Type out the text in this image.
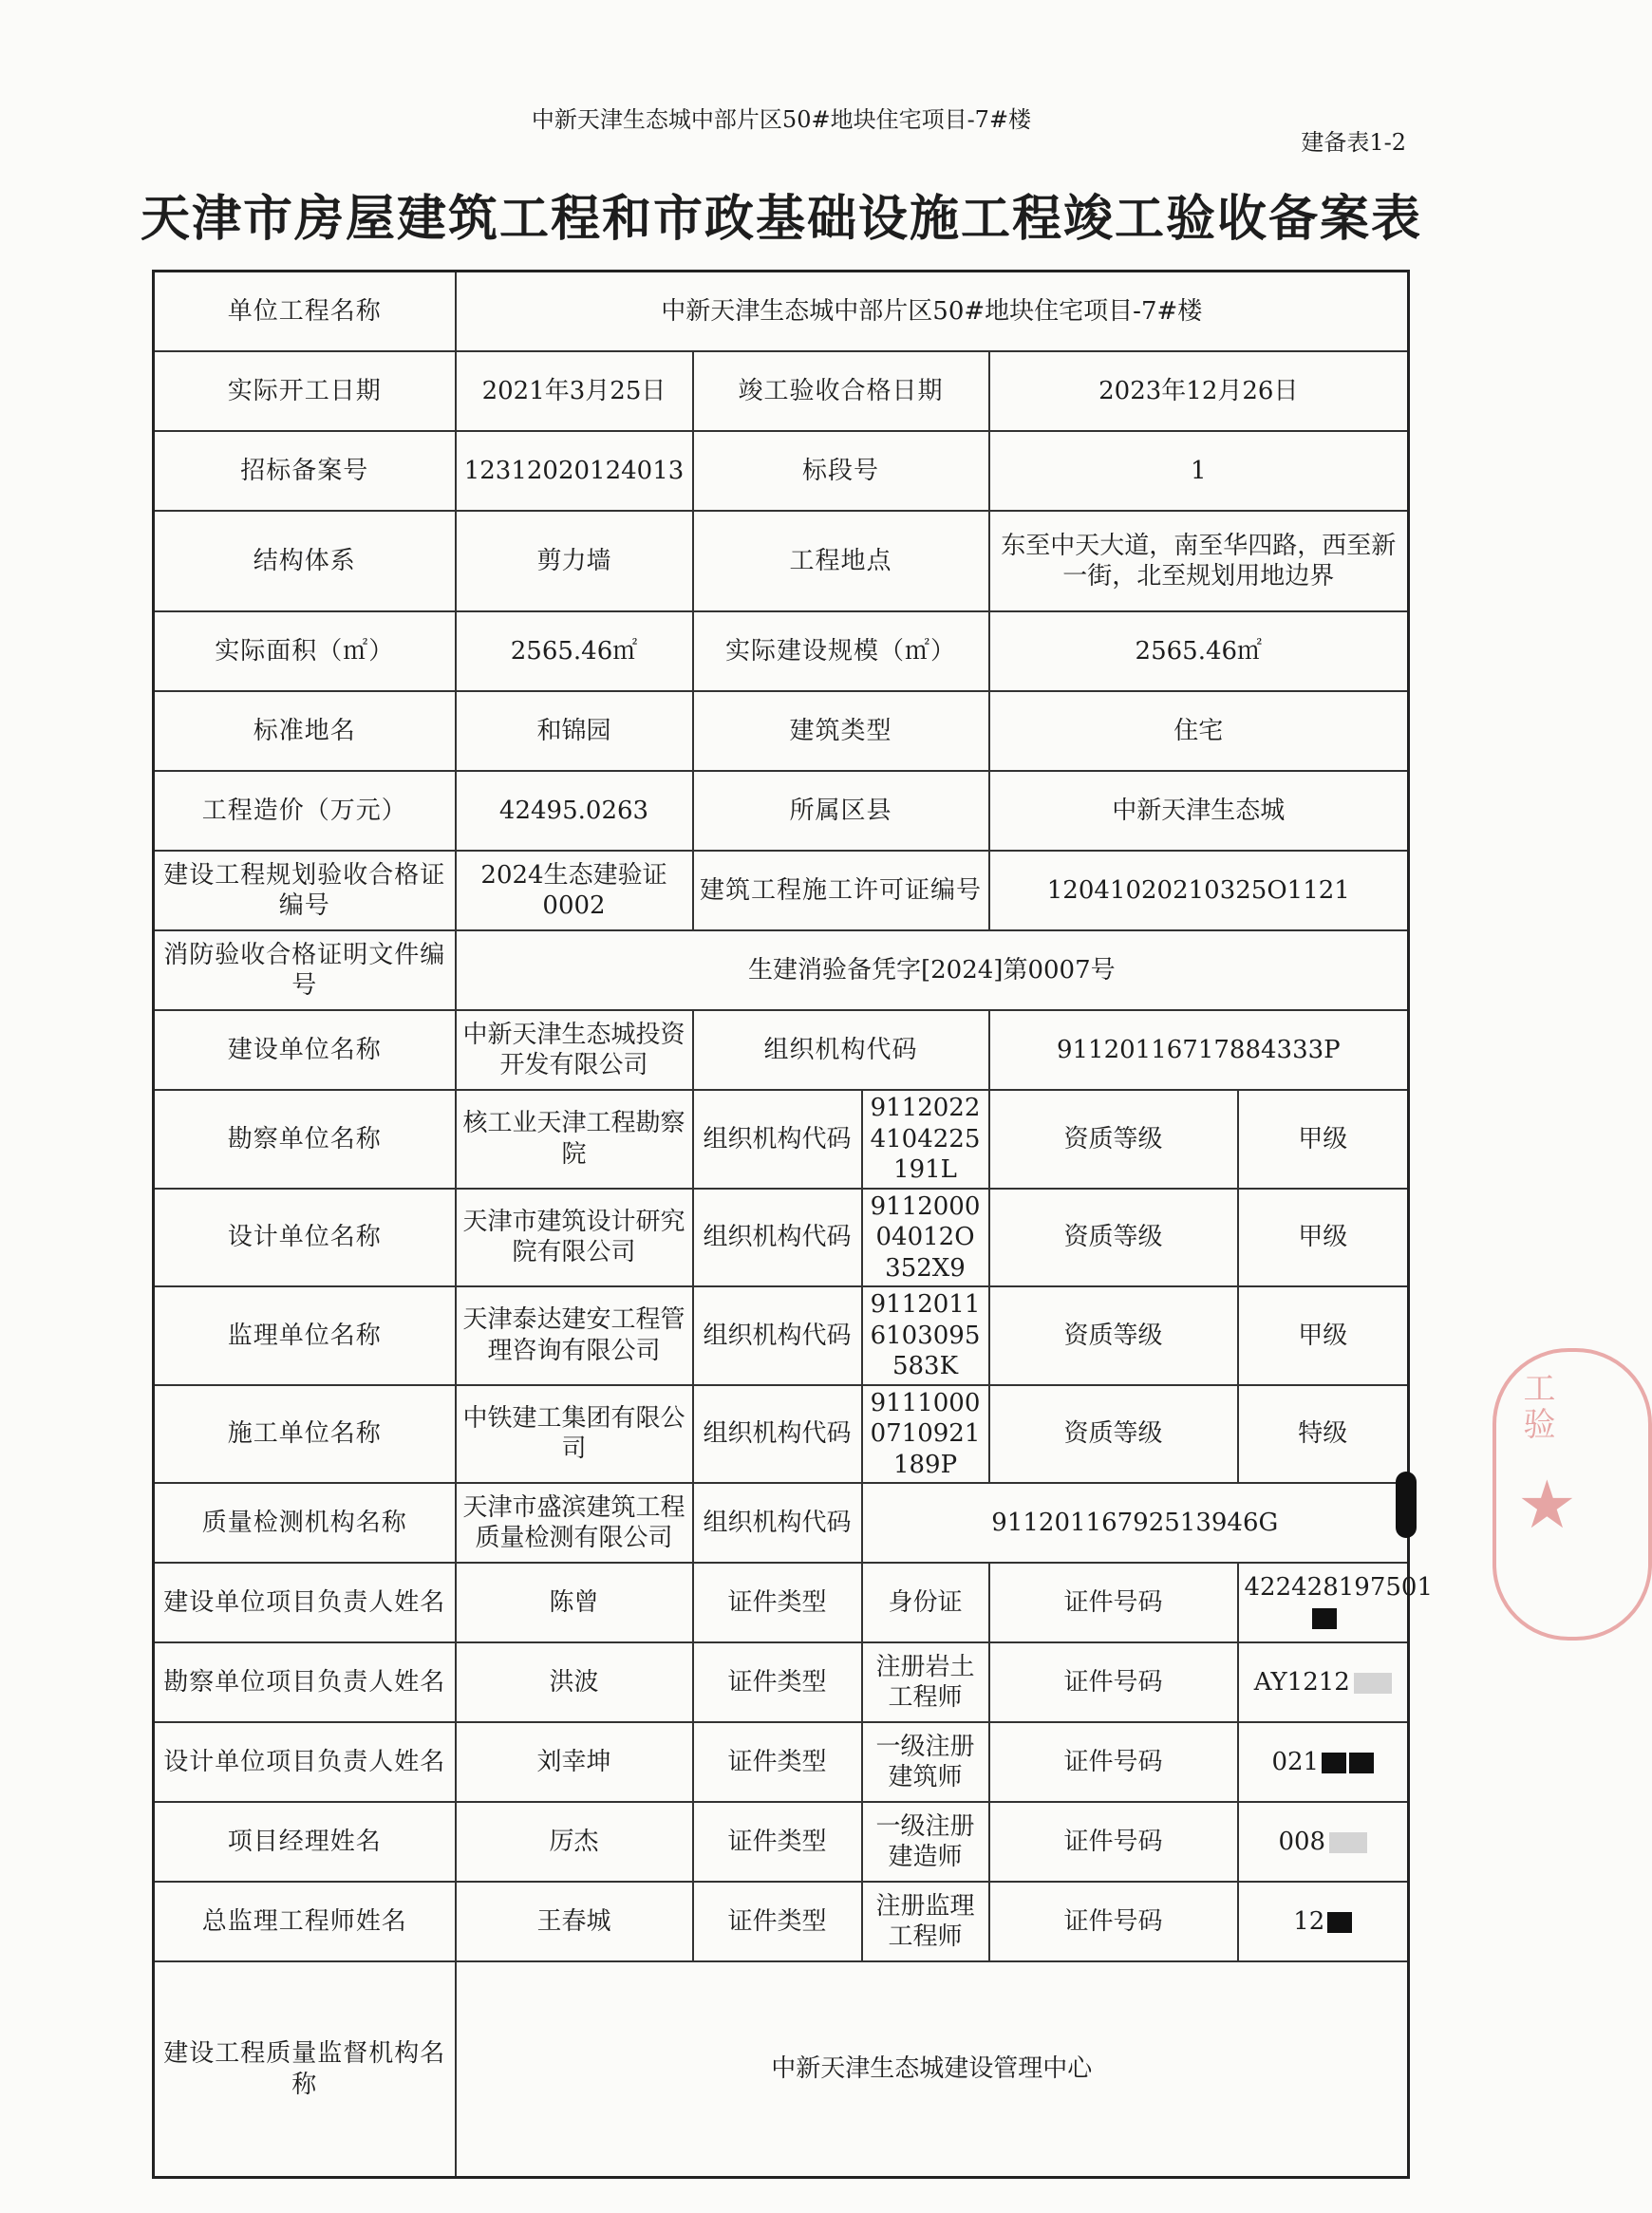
中新天津生态城中部片区50#地块住宅项目-7#楼
建备表1-2
天津市房屋建筑工程和市政基础设施工程竣工验收备案表
单位工程名称	中新天津生态城中部片区50#地块住宅项目-7#楼				
实际开工日期	2021年3月25日	竣工验收合格日期		2023年12月26日	
招标备案号	12312020124013	标段号		1	
结构体系	剪力墙	工程地点		东至中天大道，南至华四路，西至新一街，北至规划用地边界	
实际面积（㎡）	2565.46㎡	实际建设规模（㎡）		2565.46㎡	
标准地名	和锦园	建筑类型		住宅	
工程造价（万元）	42495.0263	所属区县		中新天津生态城	
建设工程规划验收合格证编号	2024生态建验证0002	建筑工程施工许可证编号		12041020210325O1121	
消防验收合格证明文件编号	生建消验备凭字[2024]第0007号				
建设单位名称	中新天津生态城投资开发有限公司	组织机构代码		91120116717884333P	
勘察单位名称	核工业天津工程勘察院	组织机构代码	91120224104225191L	资质等级	甲级
设计单位名称	天津市建筑设计研究院有限公司	组织机构代码	911200004012O352X9	资质等级	甲级
监理单位名称	天津泰达建安工程管理咨询有限公司	组织机构代码	91120116103095583K	资质等级	甲级
施工单位名称	中铁建工集团有限公司	组织机构代码	91110000710921189P	资质等级	特级
质量检测机构名称	天津市盛滨建筑工程质量检测有限公司	组织机构代码	91120116792513946G		
建设单位项目负责人姓名	陈曾	证件类型	身份证	证件号码	422428197501
勘察单位项目负责人姓名	洪波	证件类型	注册岩土工程师	证件号码	AY1212
设计单位项目负责人姓名	刘幸坤	证件类型	一级注册建筑师	证件号码	021
项目经理姓名	厉杰	证件类型	一级注册建造师	证件号码	008
总监理工程师姓名	王春城	证件类型	注册监理工程师	证件号码	12
建设工程质量监督机构名称	中新天津生态城建设管理中心				
工验
★
